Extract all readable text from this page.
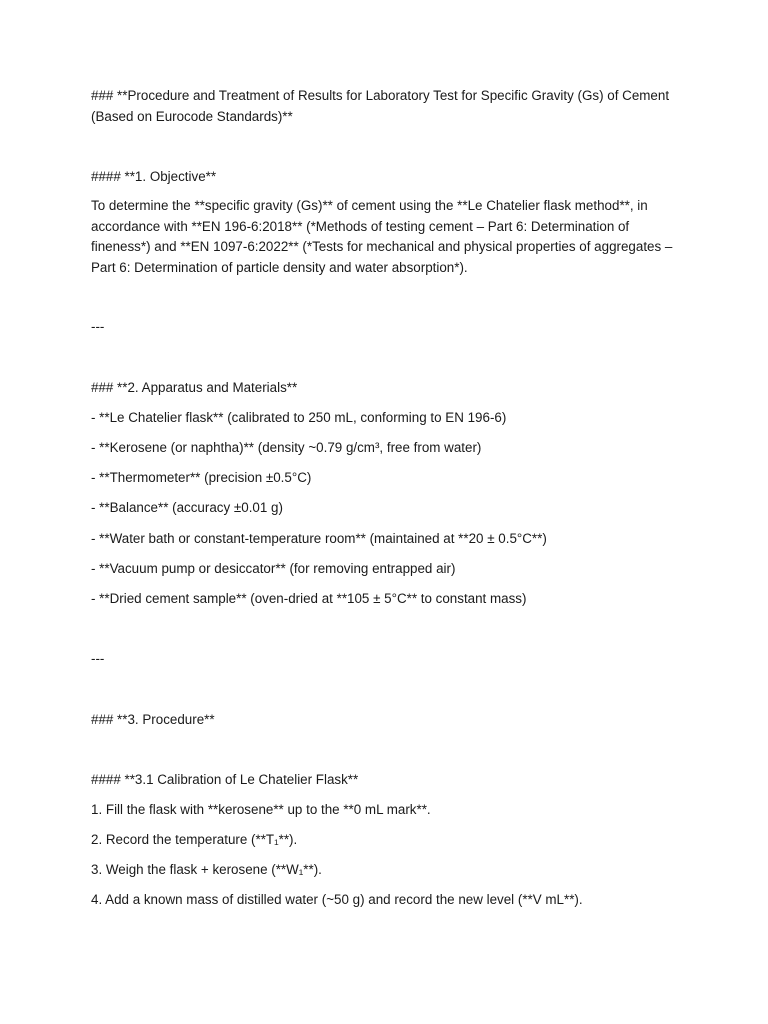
### **Procedure and Treatment of Results for Laboratory Test for Specific Gravity (Gs) of Cement (Based on Eurocode Standards)**

#### **1. Objective**

To determine the **specific gravity (Gs)** of cement using the **Le Chatelier flask method**, in accordance with **EN 196-6:2018** (*Methods of testing cement – Part 6: Determination of fineness*) and **EN 1097-6:2022** (*Tests for mechanical and physical properties of aggregates – Part 6: Determination of particle density and water absorption*).

---

### **2. Apparatus and Materials**

- **Le Chatelier flask** (calibrated to 250 mL, conforming to EN 196-6)

- **Kerosene (or naphtha)** (density ~0.79 g/cm³, free from water)

- **Thermometer** (precision ±0.5°C)

- **Balance** (accuracy ±0.01 g)

- **Water bath or constant-temperature room** (maintained at **20 ± 0.5°C**)

- **Vacuum pump or desiccator** (for removing entrapped air)

- **Dried cement sample** (oven-dried at **105 ± 5°C** to constant mass)

---

### **3. Procedure**

#### **3.1 Calibration of Le Chatelier Flask**

1. Fill the flask with **kerosene** up to the **0 mL mark**.

2. Record the temperature (**T₁**).

3. Weigh the flask + kerosene (**W₁**).

4. Add a known mass of distilled water (~50 g) and record the new level (**V mL**).
